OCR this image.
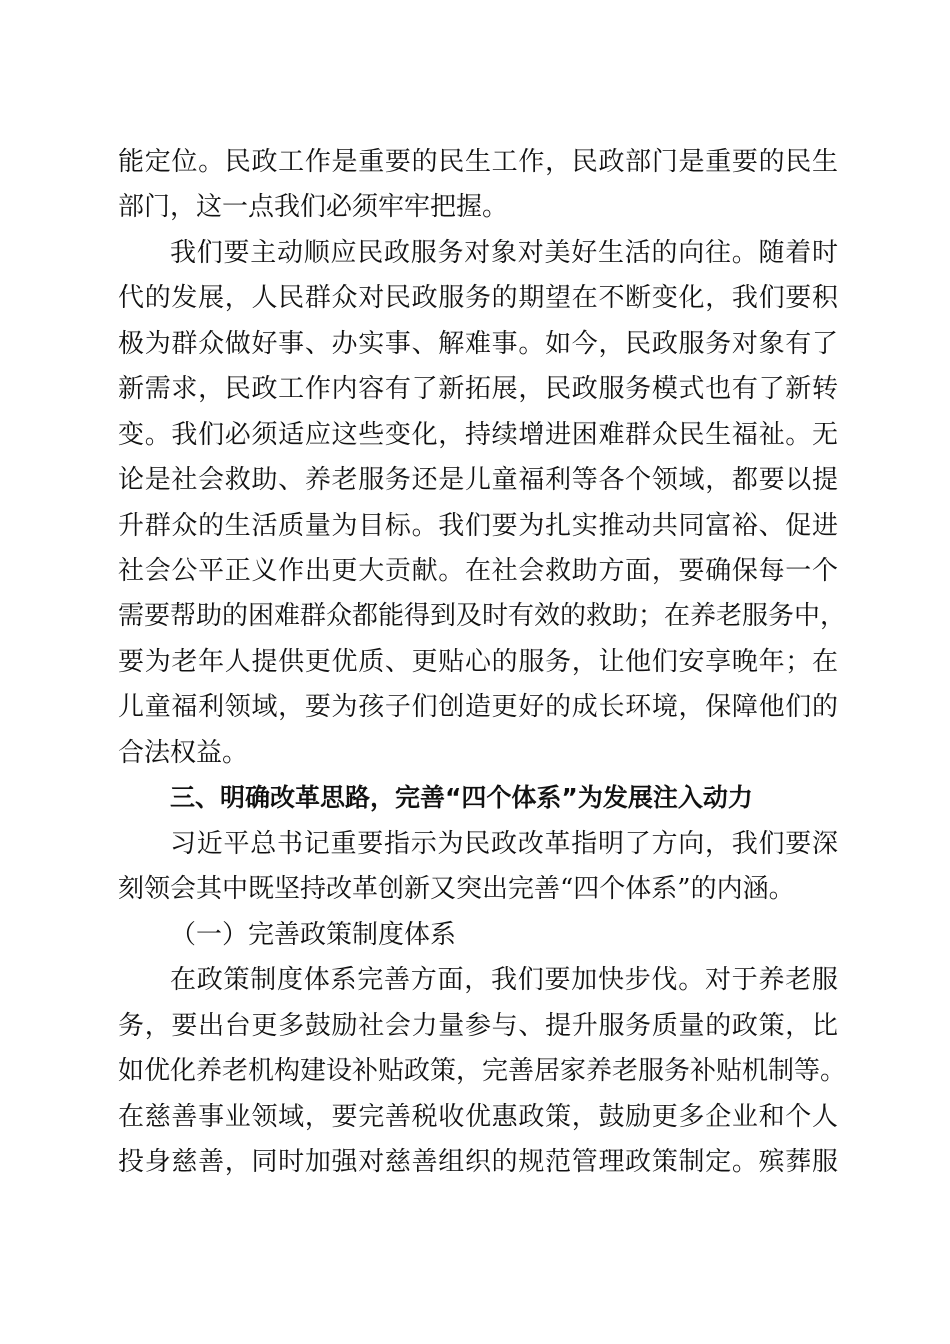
能定位。民政工作是重要的民生工作，民政部门是重要的民生
部门，这一点我们必须牢牢把握。
我们要主动顺应民政服务对象对美好生活的向往。随着时
代的发展，人民群众对民政服务的期望在不断变化，我们要积
极为群众做好事、办实事、解难事。如今，民政服务对象有了
新需求，民政工作内容有了新拓展，民政服务模式也有了新转
变。我们必须适应这些变化，持续增进困难群众民生福祉。无
论是社会救助、养老服务还是儿童福利等各个领域，都要以提
升群众的生活质量为目标。我们要为扎实推动共同富裕、促进
社会公平正义作出更大贡献。在社会救助方面，要确保每一个
需要帮助的困难群众都能得到及时有效的救助；在养老服务中，
要为老年人提供更优质、更贴心的服务，让他们安享晚年；在
儿童福利领域，要为孩子们创造更好的成长环境，保障他们的
合法权益。
三、明确改革思路，完善“四个体系”为发展注入动力
习近平总书记重要指示为民政改革指明了方向，我们要深
刻领会其中既坚持改革创新又突出完善“四个体系”的内涵。
（一）完善政策制度体系
在政策制度体系完善方面，我们要加快步伐。对于养老服
务，要出台更多鼓励社会力量参与、提升服务质量的政策，比
如优化养老机构建设补贴政策，完善居家养老服务补贴机制等。
在慈善事业领域，要完善税收优惠政策，鼓励更多企业和个人
投身慈善，同时加强对慈善组织的规范管理政策制定。殡葬服
